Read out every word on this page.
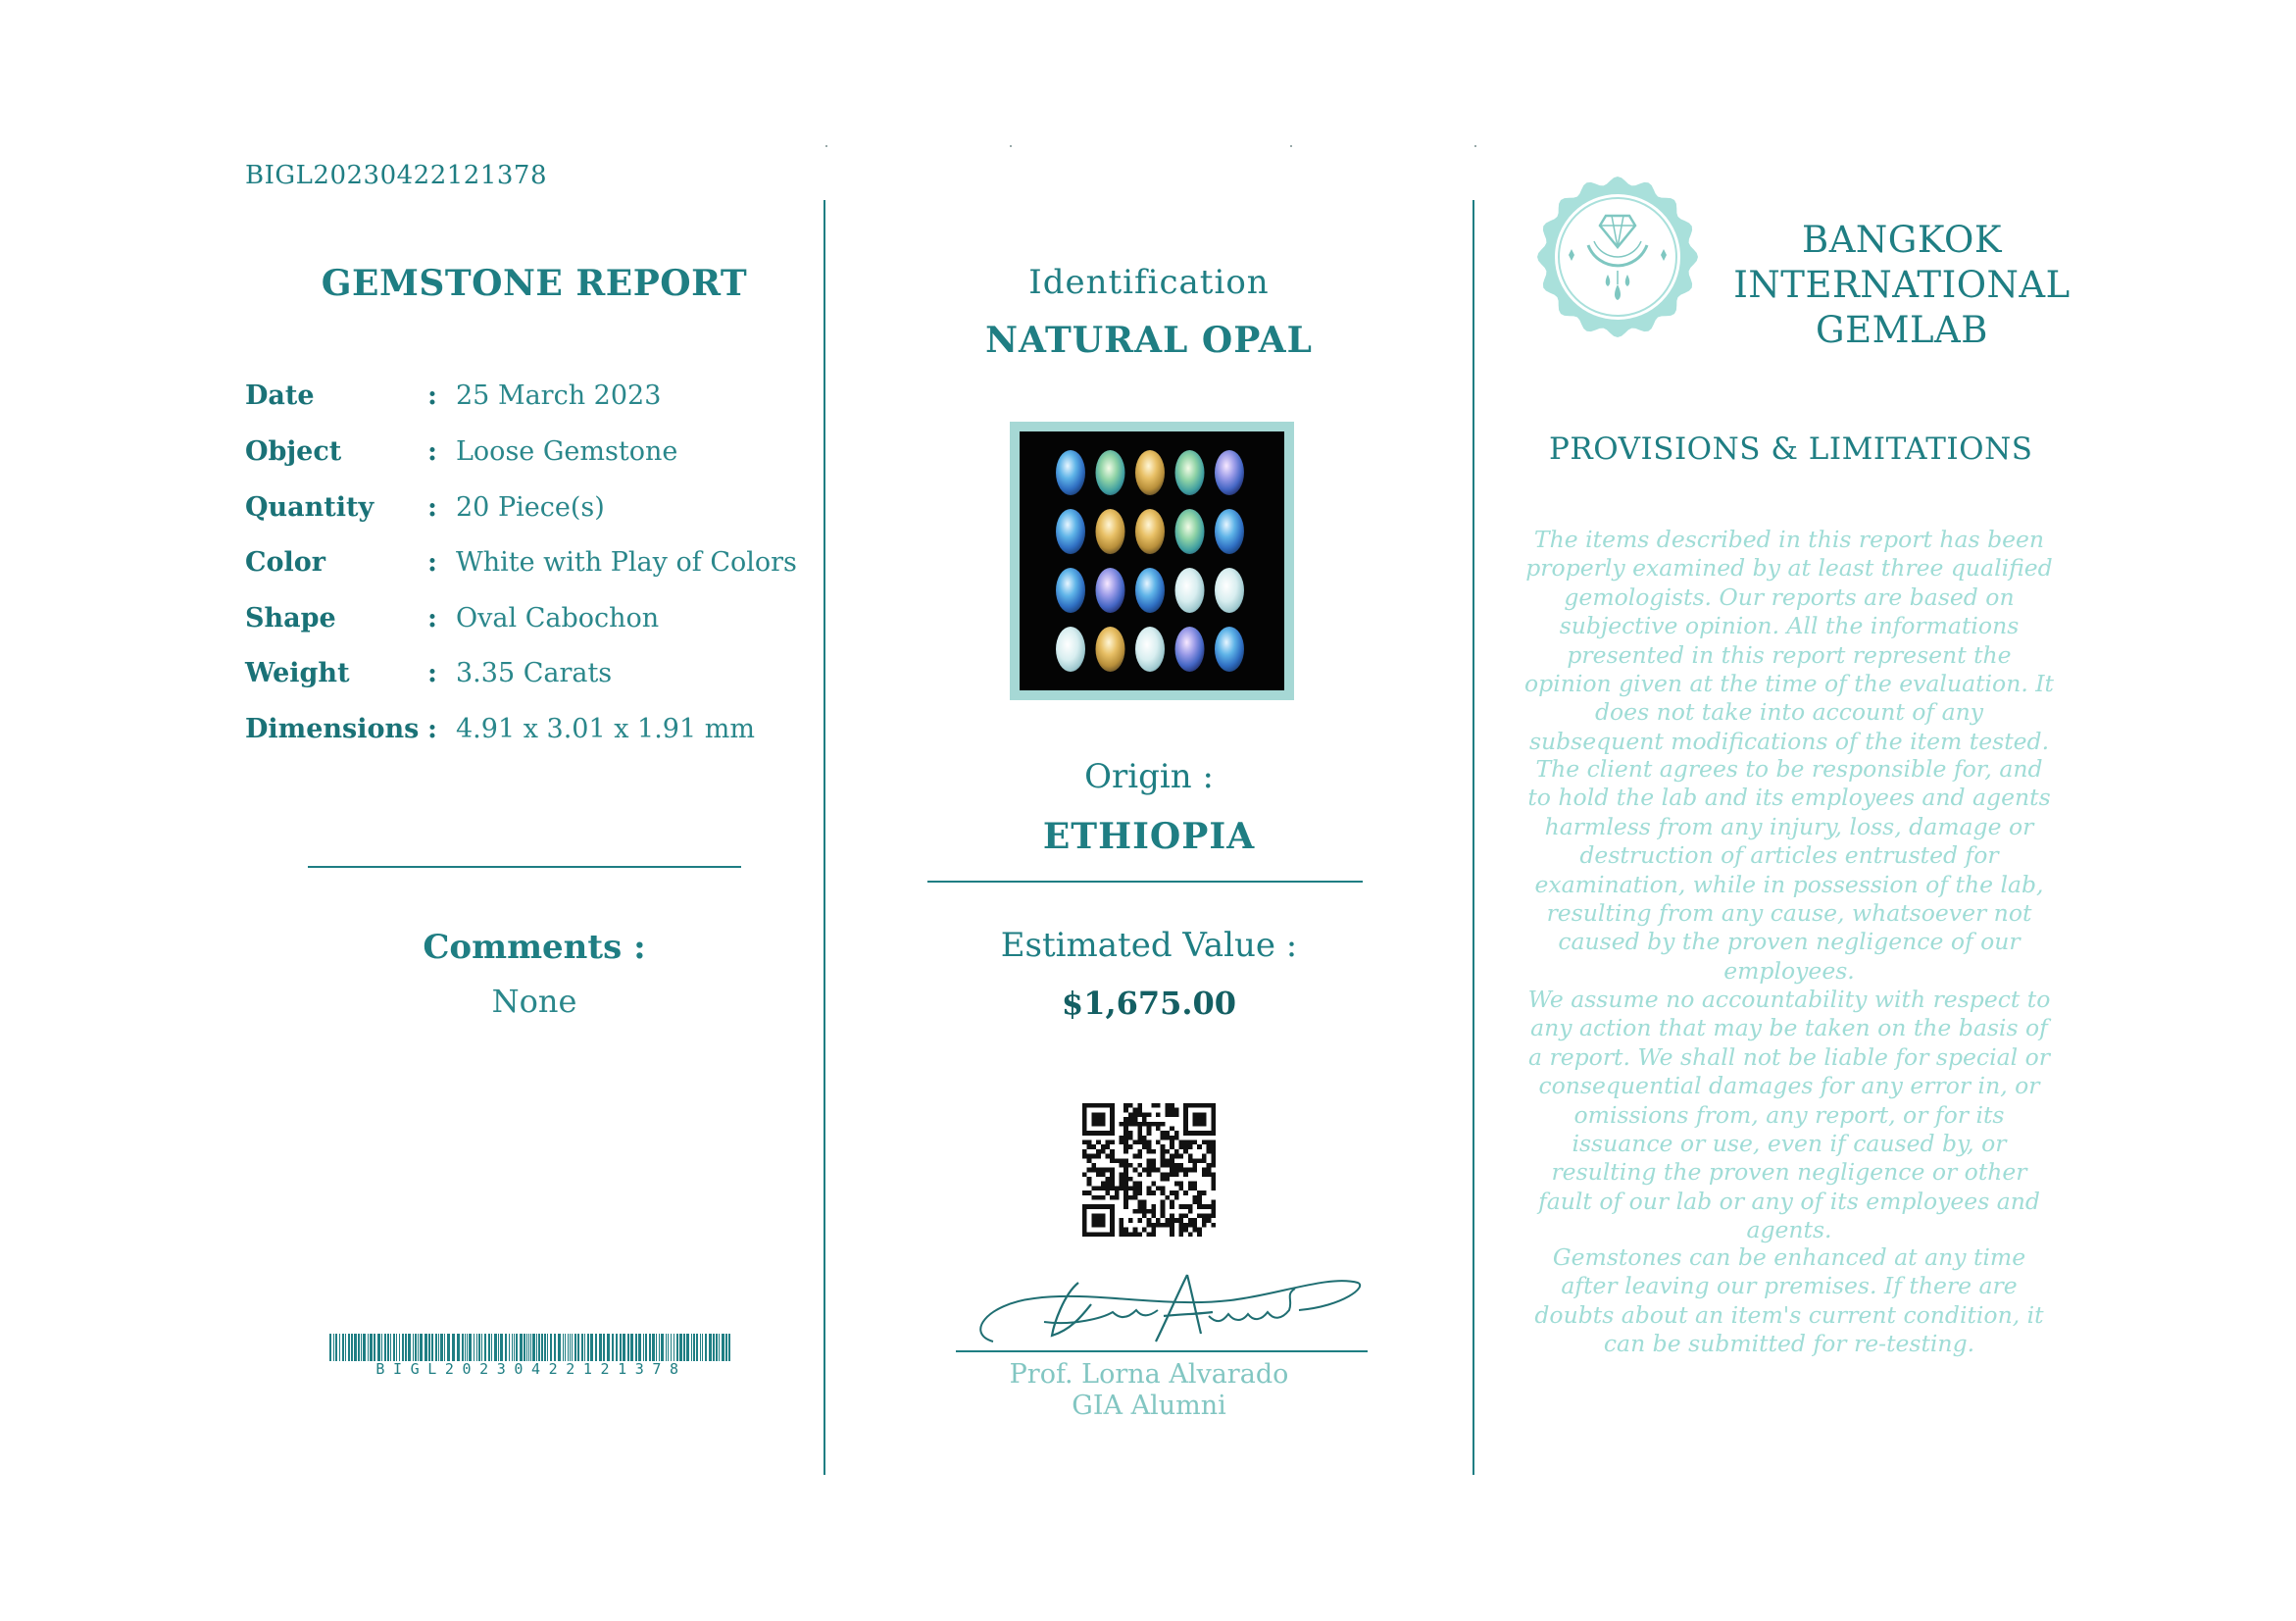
BIGL20230422121378
GEMSTONE REPORT
Date	: 25 March 2023
Object	: Loose Gemstone
Quantity	: 20 Piece(s)
Color	: White with Play of Colors
Shape	: Oval Cabochon
Weight	: 3.35 Carats
Dimensions : 4.91 x 3.01 x 1.91 mm
Comments :
None
BIGL20230422121378
Identification
NATURAL OPAL
Origin :
ETHIOPIA
Estimated Value :
$1,675.00
Prof. Lorna Alvarado
GIA Alumni
BANGKOK
INTERNATIONAL
GEMLAB
PROVISIONS & LIMITATIONS
The items described in this report has been properly examined by at least three qualified gemologists. Our reports are based on subjective opinion. All the informations presented in this report represent the opinion given at the time of the evaluation. It does not take into account of any subsequent modifications of the item tested.
The client agrees to be responsible for, and to hold the lab and its employees and agents harmless from any injury, loss, damage or destruction of articles entrusted for examination, while in possession of the lab, resulting from any cause, whatsoever not caused by the proven negligence of our employees.
We assume no accountability with respect to any action that may be taken on the basis of a report. We shall not be liable for special or consequential damages for any error in, or omissions from, any report, or for its issuance or use, even if caused by, or resulting the proven negligence or other fault of our lab or any of its employees and agents.
Gemstones can be enhanced at any time after leaving our premises. If there are doubts about an item's current condition, it can be submitted for re-testing.
